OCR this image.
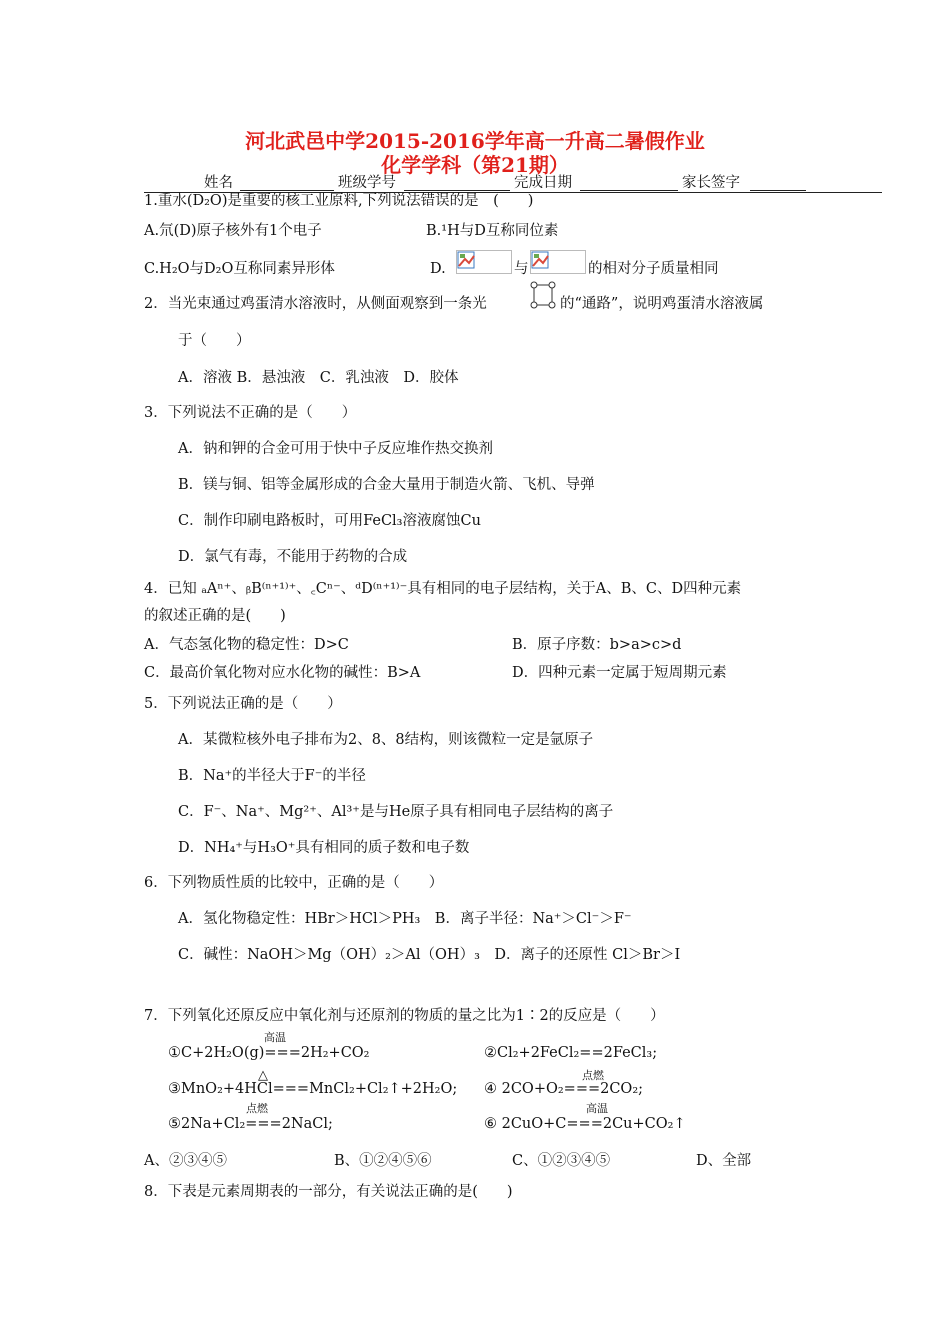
河北武邑中学2015-2016学年高一升高二暑假作业
化学学科（第21期）
姓名	班级学号	完成日期	家长签字
1.重水(D₂O)是重要的核工业原料,下列说法错误的是　(　　)
A.氘(D)原子核外有1个电子	B.¹H与D互称同位素
C.H₂O与D₂O互称同素异形体	D.	与	的相对分子质量相同
2．当光束通过鸡蛋清水溶液时，从侧面观察到一条光	的“通路”，说明鸡蛋清水溶液属
于（　　）
A．溶液 B．悬浊液　C．乳浊液　D．胶体
3．下列说法不正确的是（　　）
A．钠和钾的合金可用于快中子反应堆作热交换剂
B．镁与铜、铝等金属形成的合金大量用于制造火箭、飞机、导弹
C．制作印刷电路板时，可用FeCl₃溶液腐蚀Cu
D．氯气有毒，不能用于药物的合成
4．已知 ₐAⁿ⁺、ᵦB⁽ⁿ⁺¹⁾⁺、꜀Cⁿ⁻、ᵈD⁽ⁿ⁺¹⁾⁻具有相同的电子层结构，关于A、B、C、D四种元素
的叙述正确的是(　　)
A．气态氢化物的稳定性：D>C	B．原子序数：b>a>c>d
C．最高价氧化物对应水化物的碱性：B>A	D．四种元素一定属于短周期元素
5．下列说法正确的是（　　）
A．某微粒核外电子排布为2、8、8结构，则该微粒一定是氩原子
B．Na⁺的半径大于F⁻的半径
C．F⁻、Na⁺、Mg²⁺、Al³⁺是与He原子具有相同电子层结构的离子
D．NH₄⁺与H₃O⁺具有相同的质子数和电子数
6．下列物质性质的比较中，正确的是（　　）
A．氢化物稳定性：HBr＞HCl＞PH₃　B．离子半径：Na⁺＞Cl⁻＞F⁻
C．碱性：NaOH＞Mg（OH）₂＞Al（OH）₃　D．离子的还原性 Cl＞Br＞I
7．下列氧化还原反应中氧化剂与还原剂的物质的量之比为1∶2的反应是（　　）
高温
①C+2H₂O(g)===2H₂+CO₂	②Cl₂+2FeCl₂==2FeCl₃;
△
③MnO₂+4HCl===MnCl₂+Cl₂↑+2H₂O;
点燃
④ 2CO+O₂===2CO₂;
点燃
⑤2Na+Cl₂===2NaCl;
高温
⑥ 2CuO+C===2Cu+CO₂↑
A、②③④⑤	B、①②④⑤⑥	C、①②③④⑤	D、全部
8．下表是元素周期表的一部分，有关说法正确的是(　　)
